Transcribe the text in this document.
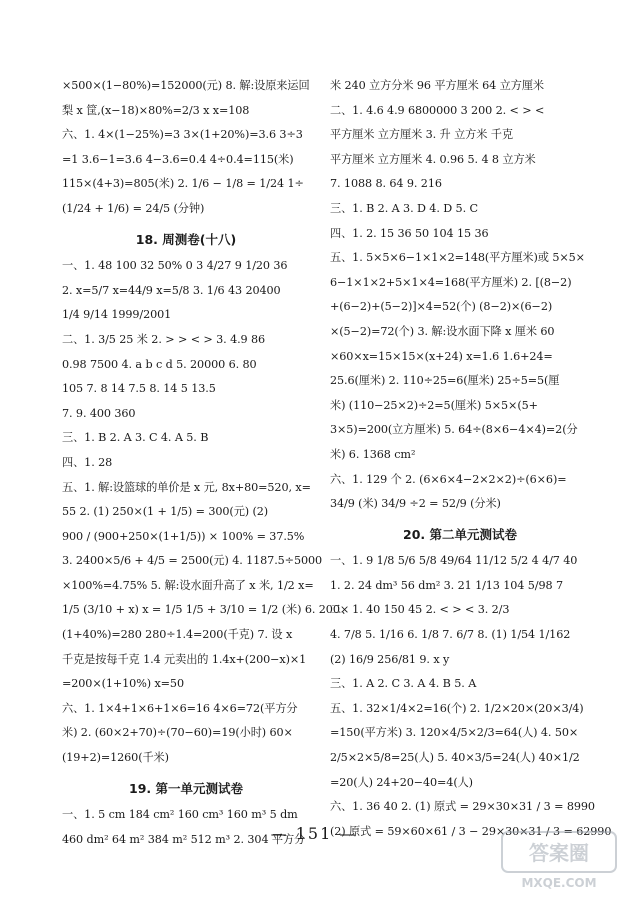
×500×(1−80%)=152000(元) 8. 解:设原来运回
梨 x 筐,(x−18)×80%=2/3 x x=108
六、1. 4×(1−25%)=3 3×(1+20%)=3.6 3÷3
=1 3.6−1=3.6 4−3.6=0.4 4÷0.4=115(米)
115×(4+3)=805(米) 2. 1/6 − 1/8 = 1/24 1÷
(1/24 + 1/6) = 24/5 (分钟)
18. 周测卷(十八)
一、1. 48 100 32 50% 0 3 4/27 9 1/20 36
2. x=5/7 x=44/9 x=5/8 3. 1/6 43 20400
1/4 9/14 1999/2001
二、1. 3/5 25 米 2. > > < > 3. 4.9 86
0.98 7500 4. a b c d 5. 20000 6. 80
105 7. 8 14 7.5 8. 14 5 13.5
7. 9. 400 360
三、1. B 2. A 3. C 4. A 5. B
四、1. 28
五、1. 解:设篮球的单价是 x 元, 8x+80=520, x=
55 2. (1) 250×(1 + 1/5) = 300(元) (2)
900 / (900+250×(1+1/5)) × 100% = 37.5%
3. 2400×5/6 + 4/5 = 2500(元) 4. 1187.5÷5000
×100%=4.75% 5. 解:设水面升高了 x 米, 1/2 x=
1/5 (3/10 + x) x = 1/5 1/5 + 3/10 = 1/2 (米) 6. 200×
(1+40%)=280 280÷1.4=200(千克) 7. 设 x
千克是按每千克 1.4 元卖出的 1.4x+(200−x)×1
=200×(1+10%) x=50
六、1. 1×4+1×6+1×6=16 4×6=72(平方分
米) 2. (60×2+70)÷(70−60)=19(小时) 60×
(19+2)=1260(千米)
19. 第一单元测试卷
一、1. 5 cm 184 cm² 160 cm³ 160 m³ 5 dm
460 dm² 64 m² 384 m² 512 m³ 2. 304 平方分
米 240 立方分米 96 平方厘米 64 立方厘米
二、1. 4.6 4.9 6800000 3 200 2. < > <
平方厘米 立方厘米 3. 升 立方米 千克
平方厘米 立方厘米 4. 0.96 5. 4 8 立方米
7. 1088 8. 64 9. 216
三、1. B 2. A 3. D 4. D 5. C
四、1. 2. 15 36 50 104 15 36
五、1. 5×5×6−1×1×2=148(平方厘米)或 5×5×
6−1×1×2+5×1×4=168(平方厘米) 2. [(8−2)
+(6−2)+(5−2)]×4=52(个) (8−2)×(6−2)
×(5−2)=72(个) 3. 解:设水面下降 x 厘米 60
×60×x=15×15×(x+24) x=1.6 1.6+24=
25.6(厘米) 2. 110÷25=6(厘米) 25÷5=5(厘
米) (110−25×2)÷2=5(厘米) 5×5×(5+
3×5)=200(立方厘米) 5. 64÷(8×6−4×4)=2(分
米) 6. 1368 cm²
六、1. 129 个 2. (6×6×4−2×2×2)÷(6×6)=
34/9 (米) 34/9 ÷2 = 52/9 (分米)
20. 第二单元测试卷
一、1. 9 1/8 5/6 5/8 49/64 11/12 5/2 4 4/7 40
1. 2. 24 dm³ 56 dm² 3. 21 1/13 104 5/98 7
二、1. 40 150 45 2. < > < 3. 2/3
4. 7/8 5. 1/16 6. 1/8 7. 6/7 8. (1) 1/54 1/162
(2) 16/9 256/81 9. x y
三、1. A 2. C 3. A 4. B 5. A
五、1. 32×1/4×2=16(个) 2. 1/2×20×(20×3/4)
=150(平方米) 3. 120×4/5×2/3=64(人) 4. 50×
2/5×2×5/8=25(人) 5. 40×3/5=24(人) 40×1/2
=20(人) 24+20−40=4(人)
六、1. 36 40 2. (1) 原式 = 29×30×31 / 3 = 8990
(2) 原式 = 59×60×61 / 3 − 29×30×31 / 3 = 62990
— 151 —
答案圈
MXQE.COM
